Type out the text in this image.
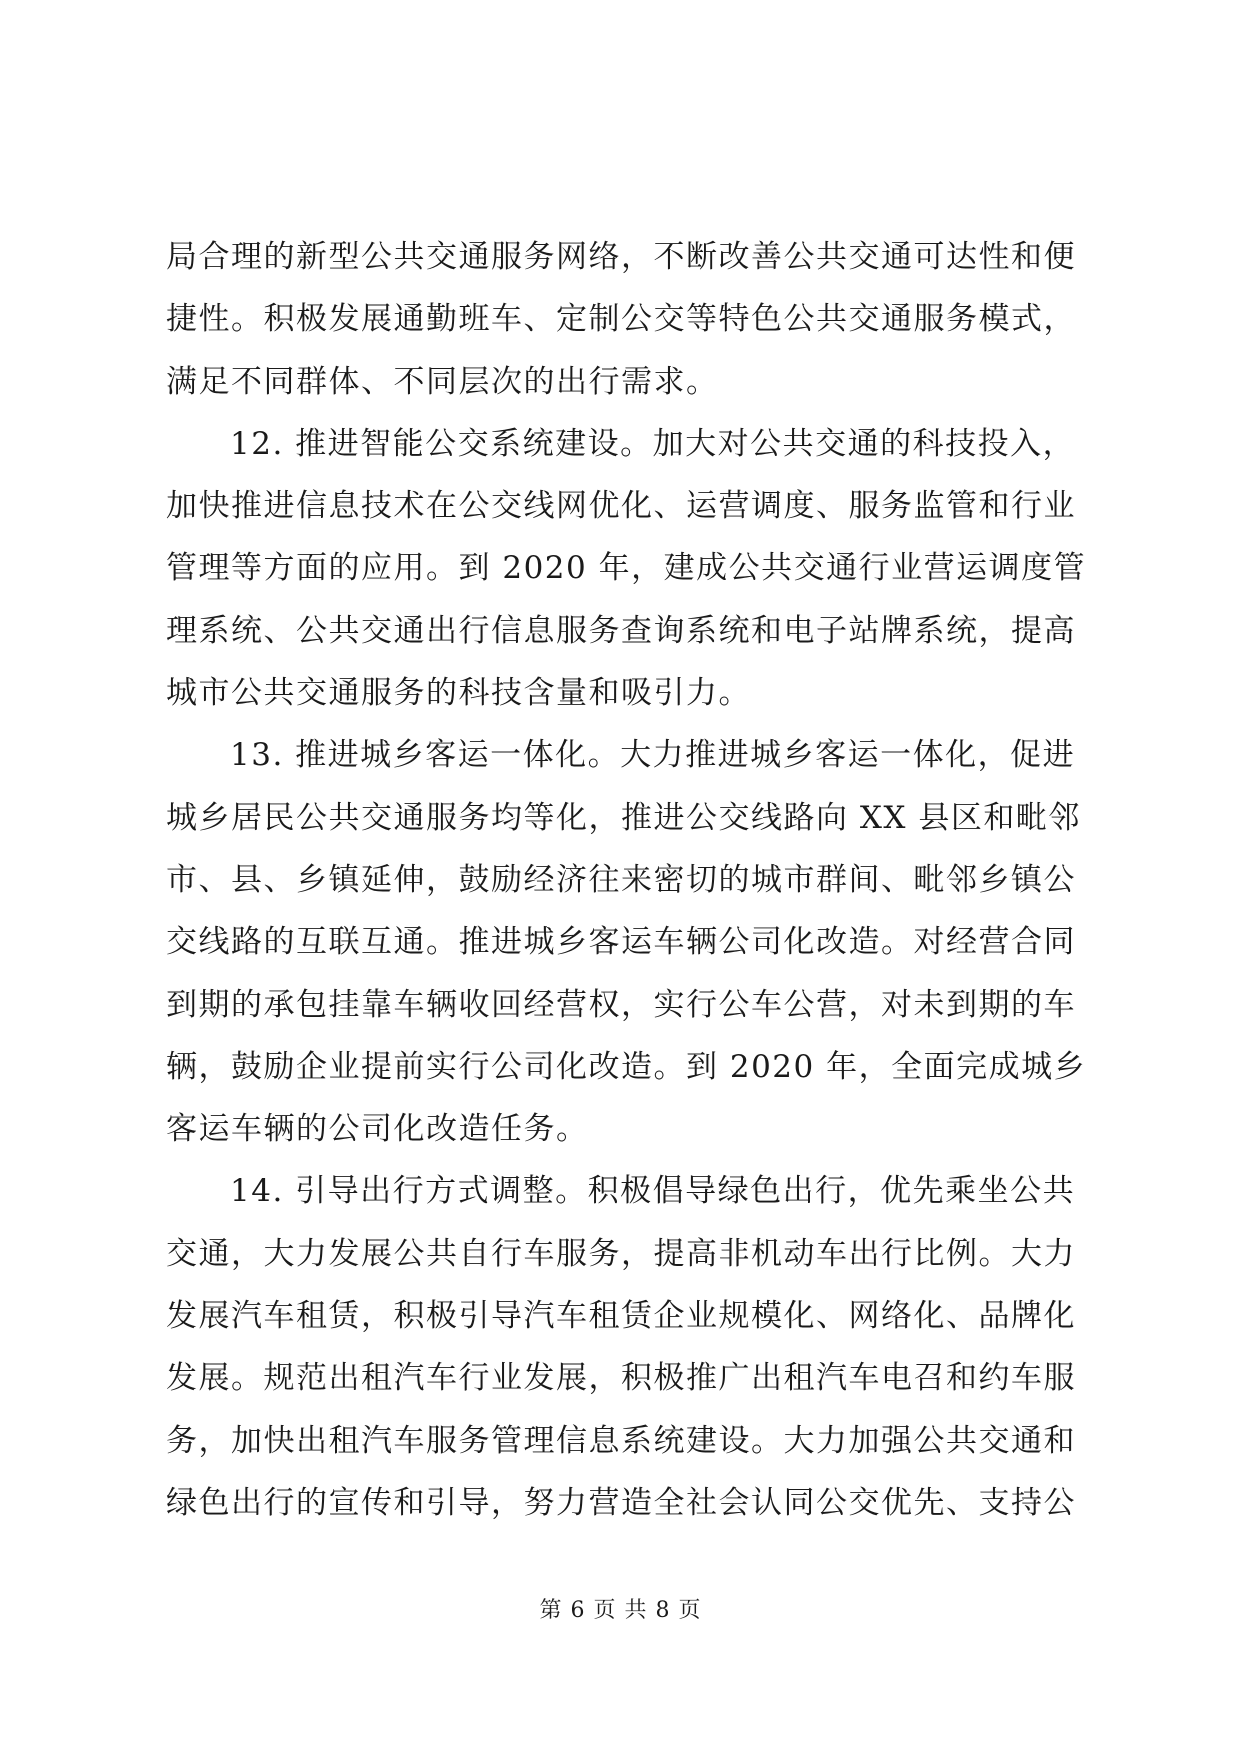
局合理的新型公共交通服务网络，不断改善公共交通可达性和便
捷性。积极发展通勤班车、定制公交等特色公共交通服务模式，
满足不同群体、不同层次的出行需求。
12. 推进智能公交系统建设。加大对公共交通的科技投入，
加快推进信息技术在公交线网优化、运营调度、服务监管和行业
管理等方面的应用。到 2020 年，建成公共交通行业营运调度管
理系统、公共交通出行信息服务查询系统和电子站牌系统，提高
城市公共交通服务的科技含量和吸引力。
13. 推进城乡客运一体化。大力推进城乡客运一体化，促进
城乡居民公共交通服务均等化，推进公交线路向 XX 县区和毗邻
市、县、乡镇延伸，鼓励经济往来密切的城市群间、毗邻乡镇公
交线路的互联互通。推进城乡客运车辆公司化改造。对经营合同
到期的承包挂靠车辆收回经营权，实行公车公营，对未到期的车
辆，鼓励企业提前实行公司化改造。到 2020 年，全面完成城乡
客运车辆的公司化改造任务。
14. 引导出行方式调整。积极倡导绿色出行，优先乘坐公共
交通，大力发展公共自行车服务，提高非机动车出行比例。大力
发展汽车租赁，积极引导汽车租赁企业规模化、网络化、品牌化
发展。规范出租汽车行业发展，积极推广出租汽车电召和约车服
务，加快出租汽车服务管理信息系统建设。大力加强公共交通和
绿色出行的宣传和引导，努力营造全社会认同公交优先、支持公
第 6 页 共 8 页
